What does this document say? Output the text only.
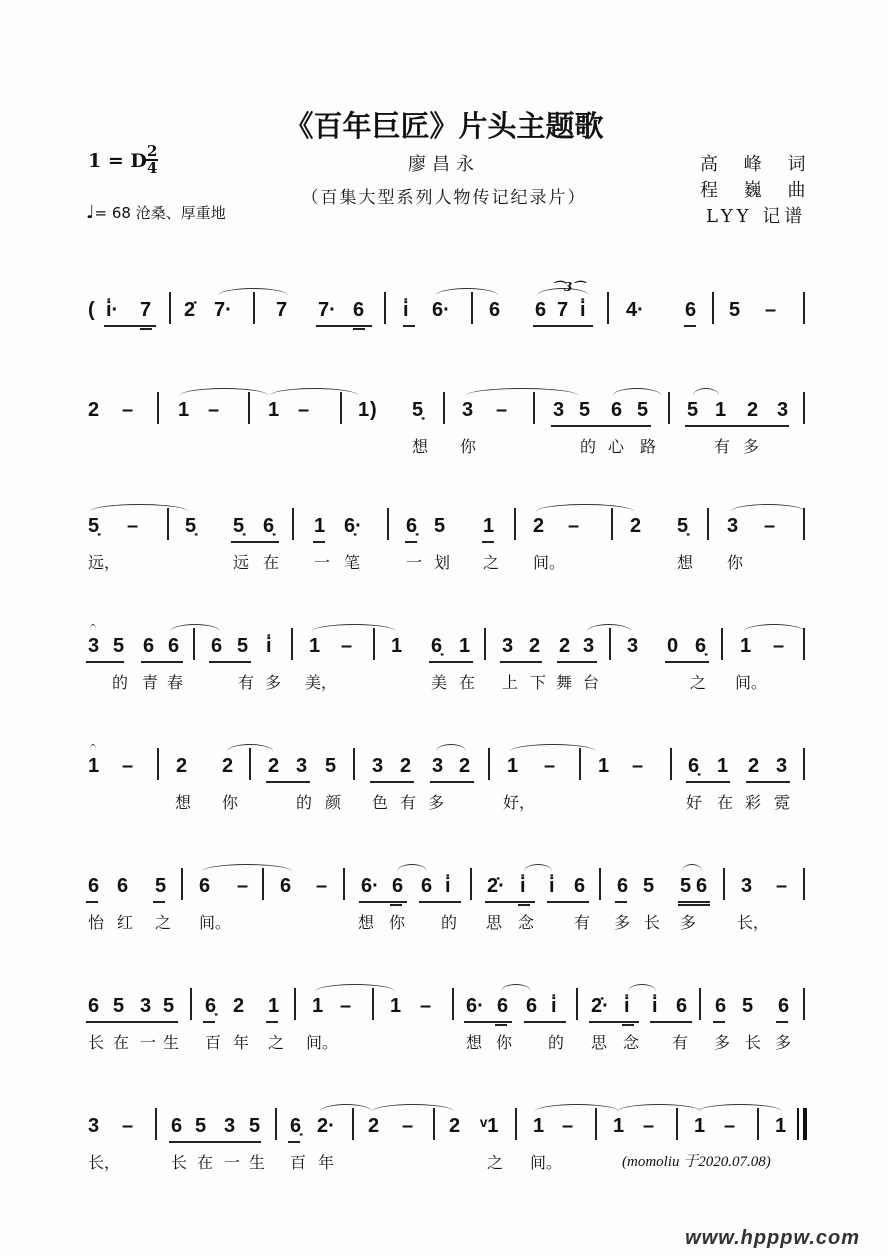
《百年巨匠》片头主题歌
1 = D 2
4
♩= 68 沧桑、厚重地
廖昌永
（百集大型系列人物传记纪录片）
高 峰 词
程 巍 曲
LYY 记谱
( i̇· 7 2̇ 7· 7 7· 6 i̇ 6· 6 6 7 i̇ 4· 6 5 –
2 – 1 – 1 – 1 ) 5̣ 3 – 3 5 6 5 5 1 2 3
想 你	的 心 路	有 多
5̣ – 5̣ 5̣ 6̣ 1 6̣· 6̣ 5 1 2 –	2 5̣ 3 –
远，	远 在 一 笔	一 划 之 间。	想 你
3 5 6 6 6 5 i̇ 1 – 1 6̣ 1 3 2 2 3 3 0 6̣ 1 –
的 青 春	有 多 美，	美 在 上 下 舞 台	之 间。
1 – 2 2 2 3 5 3 2 3 2 1 – 1 – 6̣ 1 2 3
想 你	的 颜 色 有 多	好，	好 在 彩 霓
6 6 5 6 – 6 – 6· 6 6 i̇ 2̇· i̇ i̇ 6 6 5 5 6 3 –
怡 红 之 间。	想 你 的 思 念 有 多 长 多	长，
6 5 3 5 6̣ 2 1 1 – 1 – 6· 6 6 i̇ 2̇· i̇ i̇ 6 6 5 6
长 在 一 生 百 年 之 间。	想 你 的 思 念 有 多 长 多
3 – 6 5 3 5 6̣ 2· 2 – 2 ᵛ1 1 – 1 – 1 – 1
长，	长 在 一 生 百 年	之 间。	(momoliu 于2020.07.08)
www.hpppw.com
⌒3⌒
